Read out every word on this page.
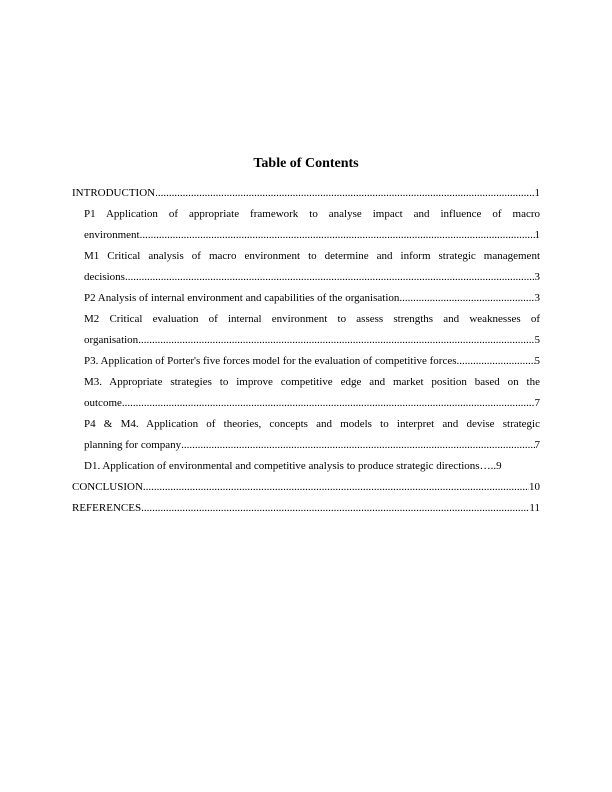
Table of Contents
INTRODUCTION .....	1
P1 Application of appropriate framework to analyse impact and influence of macro
environment .....	1
M1 Critical analysis of macro environment to determine and inform strategic management
decisions .....	3
P2 Analysis of internal environment and capabilities of the organisation .....	3
M2 Critical evaluation of internal environment to assess strengths and weaknesses of
organisation .....	5
P3. Application of Porter's five forces model for the evaluation of competitive forces .....	5
M3. Appropriate strategies to improve competitive edge and market position based on the
outcome .....	7
P4 & M4. Application of theories, concepts and models to interpret and devise strategic
planning for company .....	7
D1. Application of environmental and competitive analysis to produce strategic directions ….. 9
CONCLUSION .....	10
REFERENCES .....	11
